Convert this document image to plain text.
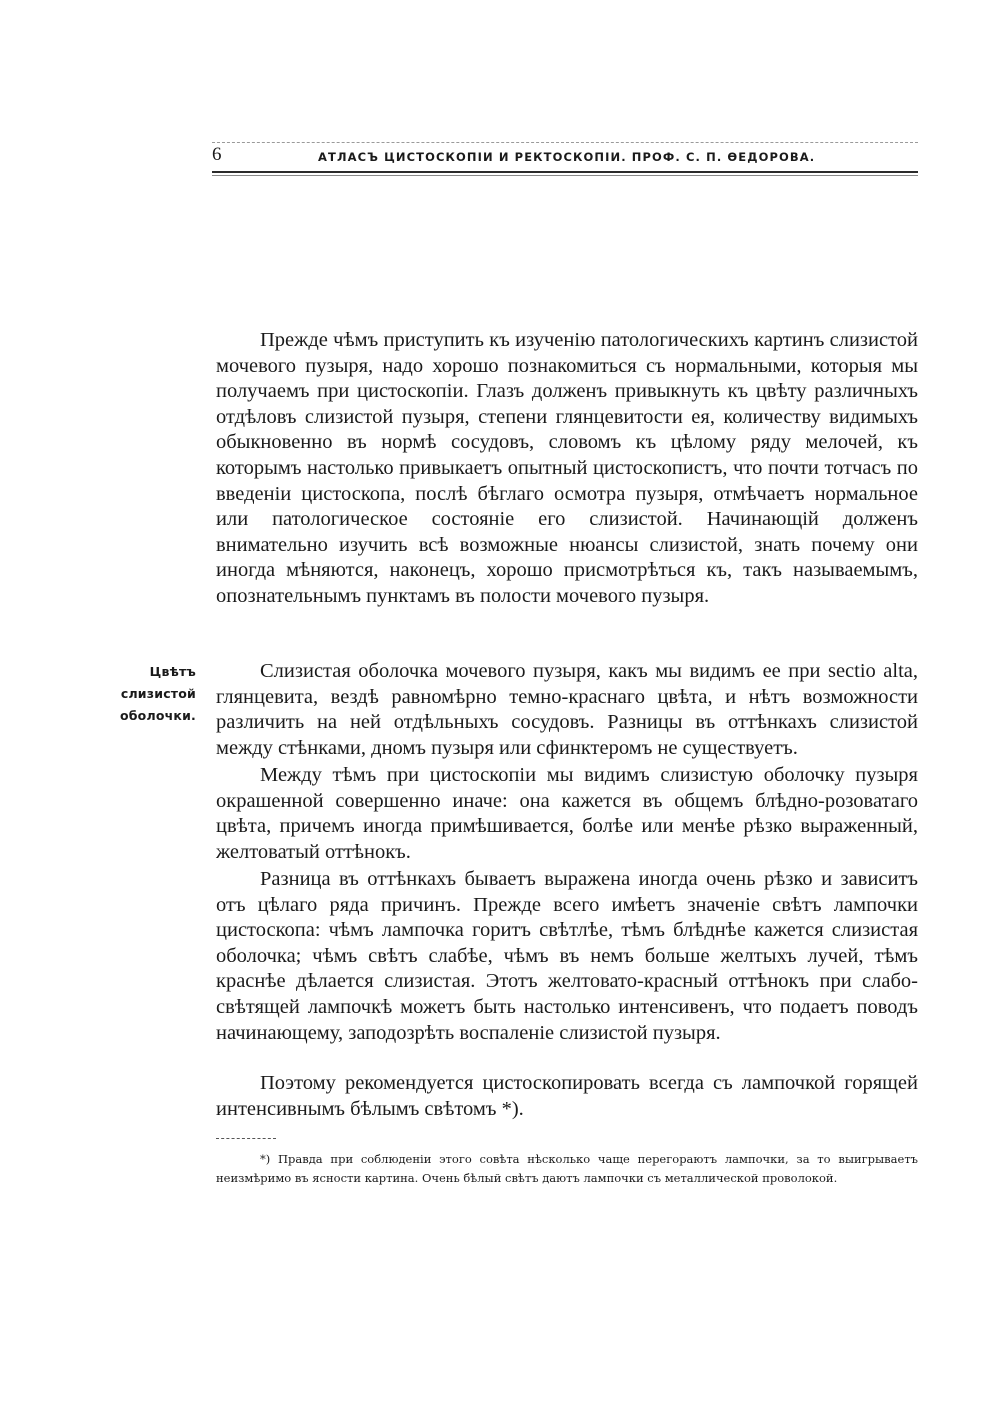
6	АТЛАСЪ ЦИСТОСКОПІИ И РЕКТОСКОПІИ. ПРОФ. С. П. ѲЕДОРОВА.

Прежде чѣмъ приступить къ изученію патологическихъ картинъ слизистой мочевого пузыря, надо хорошо познакомиться съ нормальными, которыя мы получаемъ при цистоскопіи. Глазъ долженъ привыкнуть къ цвѣту различныхъ отдѣловъ слизистой пузыря, степени глянцевитости ея, количеству видимыхъ обыкновенно въ нормѣ сосудовъ, словомъ къ цѣлому ряду мелочей, къ которымъ настолько привыкаетъ опытный цистоскопистъ, что почти тотчасъ по введеніи цистоскопа, послѣ бѣглаго осмотра пузыря, отмѣчаетъ нормальное или патологическое состояніе его слизистой. Начинающій долженъ внимательно изучить всѣ возможные нюансы слизистой, знать почему они иногда мѣняются, наконецъ, хорошо присмотрѣться къ, такъ называемымъ, опознательнымъ пунктамъ въ полости мочевого пузыря.

Цвѣтъ слизистой
оболочки.

Слизистая оболочка мочевого пузыря, какъ мы видимъ ее при sectio alta, глянцевита, вездѣ равномѣрно темно-краснаго цвѣта, и нѣтъ возможности различить на ней отдѣльныхъ сосудовъ. Разницы въ оттѣнкахъ слизистой между стѣнками, дномъ пузыря или сфинктеромъ не существуетъ.

Между тѣмъ при цистоскопіи мы видимъ слизистую оболочку пузыря окрашенной совершенно иначе: она кажется въ общемъ блѣдно-розоватаго цвѣта, причемъ иногда примѣшивается, болѣе или менѣе рѣзко выраженный, желтоватый оттѣнокъ.

Разница въ оттѣнкахъ бываетъ выражена иногда очень рѣзко и зависитъ отъ цѣлаго ряда причинъ. Прежде всего имѣетъ значеніе свѣтъ лампочки цистоскопа: чѣмъ лампочка горитъ свѣтлѣе, тѣмъ блѣднѣе кажется слизистая оболочка; чѣмъ свѣтъ слабѣе, чѣмъ въ немъ больше желтыхъ лучей, тѣмъ краснѣе дѣлается слизистая. Этотъ желтовато-красный оттѣнокъ при слабо-свѣтящей лампочкѣ можетъ быть настолько интенсивенъ, что подаетъ поводъ начинающему, заподозрѣть воспаленіе слизистой пузыря.

Поэтому рекомендуется цистоскопировать всегда съ лампочкой горящей интенсивнымъ бѣлымъ свѣтомъ *).

*) Правда при соблюденіи этого совѣта нѣсколько чаще перегораютъ лампочки, за то выигрываетъ неизмѣримо въ ясности картина. Очень бѣлый свѣтъ даютъ лампочки съ металлической проволокой.
